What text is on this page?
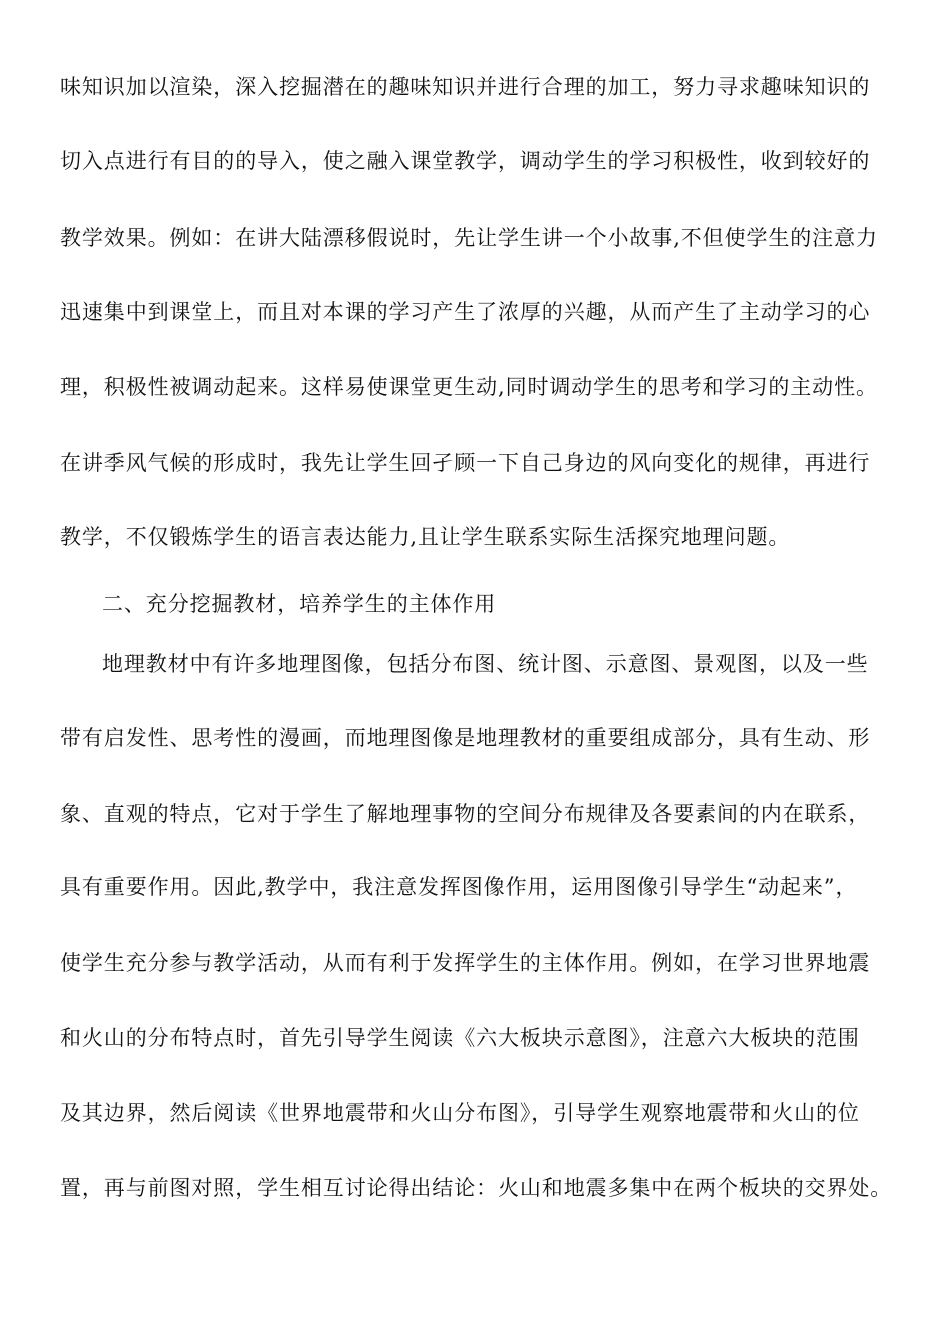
味知识加以渲染，深入挖掘潜在的趣味知识并进行合理的加工，努力寻求趣味知识的
切入点进行有目的的导入，使之融入课堂教学，调动学生的学习积极性，收到较好的
教学效果。例如：在讲大陆漂移假说时，先让学生讲一个小故事,不但使学生的注意力
迅速集中到课堂上，而且对本课的学习产生了浓厚的兴趣，从而产生了主动学习的心
理，积极性被调动起来。这样易使课堂更生动,同时调动学生的思考和学习的主动性。
在讲季风气候的形成时，我先让学生回孑顾一下自己身边的风向变化的规律，再进行
教学，不仅锻炼学生的语言表达能力,且让学生联系实际生活探究地理问题。
二、充分挖掘教材，培养学生的主体作用
地理教材中有许多地理图像，包括分布图、统计图、示意图、景观图，以及一些
带有启发性、思考性的漫画，而地理图像是地理教材的重要组成部分，具有生动、形
象、直观的特点，它对于学生了解地理事物的空间分布规律及各要素间的内在联系，
具有重要作用。因此,教学中，我注意发挥图像作用，运用图像引导学生“动起来”，
使学生充分参与教学活动，从而有利于发挥学生的主体作用。例如，在学习世界地震
和火山的分布特点时，首先引导学生阅读《六大板块示意图》，注意六大板块的范围
及其边界，然后阅读《世界地震带和火山分布图》，引导学生观察地震带和火山的位
置，再与前图对照，学生相互讨论得出结论：火山和地震多集中在两个板块的交界处。
